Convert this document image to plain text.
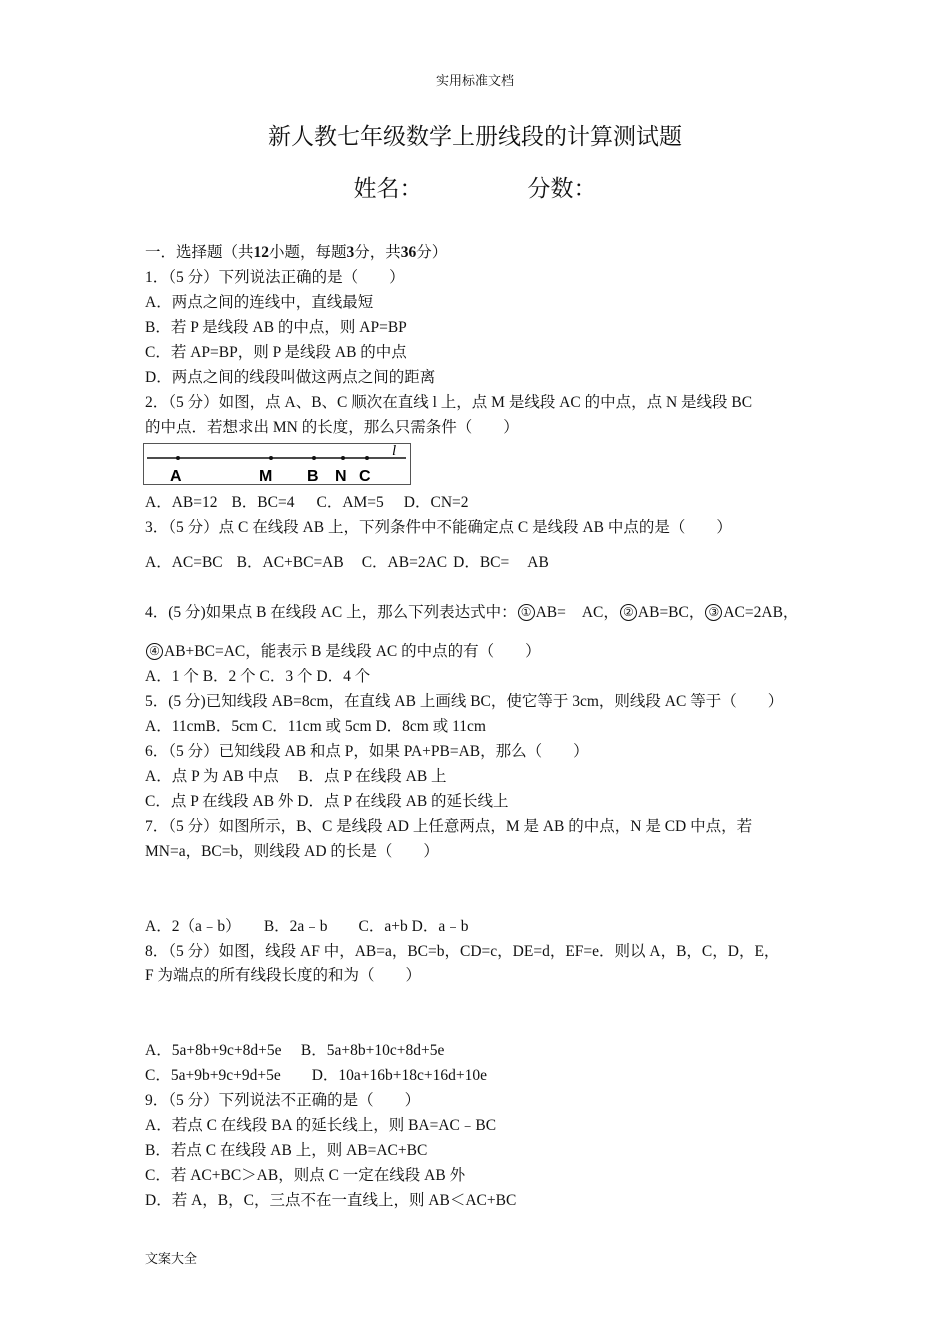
实用标准文档
新人教七年级数学上册线段的计算测试题
姓名：	分数：
一．选择题（共12小题，每题3分，共36分）
1．（5 分）下列说法正确的是（　　）
A．两点之间的连线中，直线最短
B．若 P 是线段 AB 的中点，则 AP=BP
C．若 AP=BP，则 P 是线段 AB 的中点
D．两点之间的线段叫做这两点之间的距离
2．（5 分）如图，点 A、B、C 顺次在直线 l 上，点 M 是线段 AC 的中点，点 N 是线段 BC
的中点．若想求出 MN 的长度，那么只需条件（　　）
A	M B N C
l
A．AB=12 B．BC=4 C．AM=5 D．CN=2
3．（5 分）点 C 在线段 AB 上，下列条件中不能确定点 C 是线段 AB 中点的是（　　）
A．AC=BC B．AC+BC=AB C．AB=2AC D．BC= AB
4．(5 分)如果点 B 在线段 AC 上，那么下列表达式中： ① AB= AC， ② AB=BC， ③ AC=2AB，
④ AB+BC=AC，能表示 B 是线段 AC 的中点的有（　　）
A．1 个 B．2 个 C．3 个 D．4 个
5．(5 分)已知线段 AB=8cm，在直线 AB 上画线 BC，使它等于 3cm，则线段 AC 等于（　　）
A．11cmB．5cm C．11cm 或 5cm D．8cm 或 11cm
6．（5 分）已知线段 AB 和点 P，如果 PA+PB=AB，那么（　　）
A．点 P 为 AB 中点　 B．点 P 在线段 AB 上
C．点 P 在线段 AB 外 D．点 P 在线段 AB 的延长线上
7．（5 分）如图所示，B、C 是线段 AD 上任意两点，M 是 AB 的中点，N 是 CD 中点，若
MN=a，BC=b，则线段 AD 的长是（　　）
A．2（a﹣b）　　B．2a﹣b　　C．a+b D．a﹣b
8．（5 分）如图，线段 AF 中，AB=a，BC=b，CD=c，DE=d，EF=e．则以 A，B，C，D，E，
F 为端点的所有线段长度的和为（　　）
A．5a+8b+9c+8d+5e　 B．5a+8b+10c+8d+5e
C．5a+9b+9c+9d+5e　　D．10a+16b+18c+16d+10e
9．（5 分）下列说法不正确的是（　　）
A．若点 C 在线段 BA 的延长线上，则 BA=AC﹣BC
B．若点 C 在线段 AB 上，则 AB=AC+BC
C．若 AC+BC＞AB，则点 C 一定在线段 AB 外
D．若 A，B，C，三点不在一直线上，则 AB＜AC+BC
文案大全
